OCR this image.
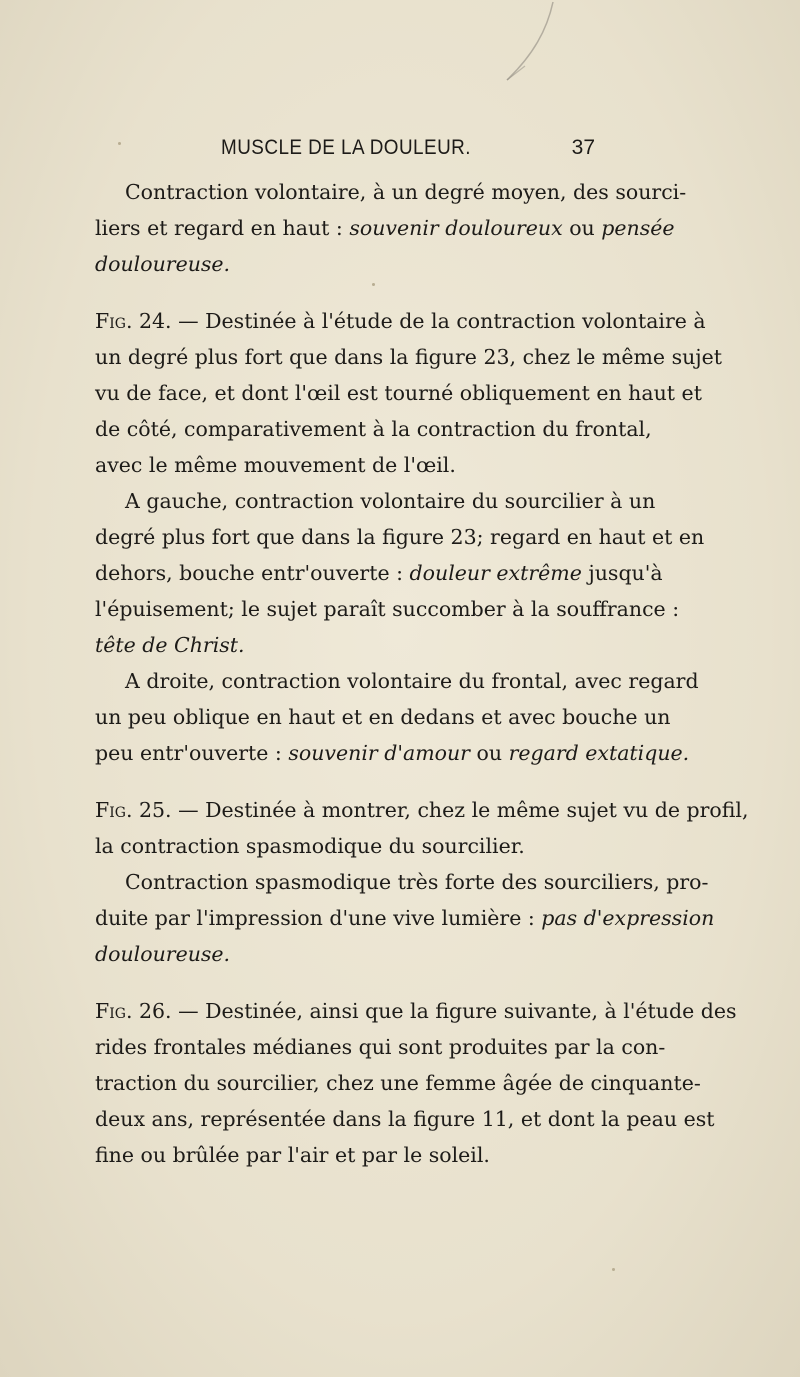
MUSCLE DE LA DOULEUR.	37
Contraction volontaire, à un degré moyen, des sourci-
liers et regard en haut : souvenir douloureux ou pensée
douloureuse.
Fig. 24. — Destinée à l'étude de la contraction volontaire à
un degré plus fort que dans la figure 23, chez le même sujet
vu de face, et dont l'œil est tourné obliquement en haut et
de côté, comparativement à la contraction du frontal,
avec le même mouvement de l'œil.
A gauche, contraction volontaire du sourcilier à un
degré plus fort que dans la figure 23; regard en haut et en
dehors, bouche entr'ouverte : douleur extrême jusqu'à
l'épuisement; le sujet paraît succomber à la souffrance :
tête de Christ.
A droite, contraction volontaire du frontal, avec regard
un peu oblique en haut et en dedans et avec bouche un
peu entr'ouverte : souvenir d'amour ou regard extatique.
Fig. 25. — Destinée à montrer, chez le même sujet vu de profil,
la contraction spasmodique du sourcilier.
Contraction spasmodique très forte des sourciliers, pro-
duite par l'impression d'une vive lumière : pas d'expression
douloureuse.
Fig. 26. — Destinée, ainsi que la figure suivante, à l'étude des
rides frontales médianes qui sont produites par la con-
traction du sourcilier, chez une femme âgée de cinquante-
deux ans, représentée dans la figure 11, et dont la peau est
fine ou brûlée par l'air et par le soleil.
